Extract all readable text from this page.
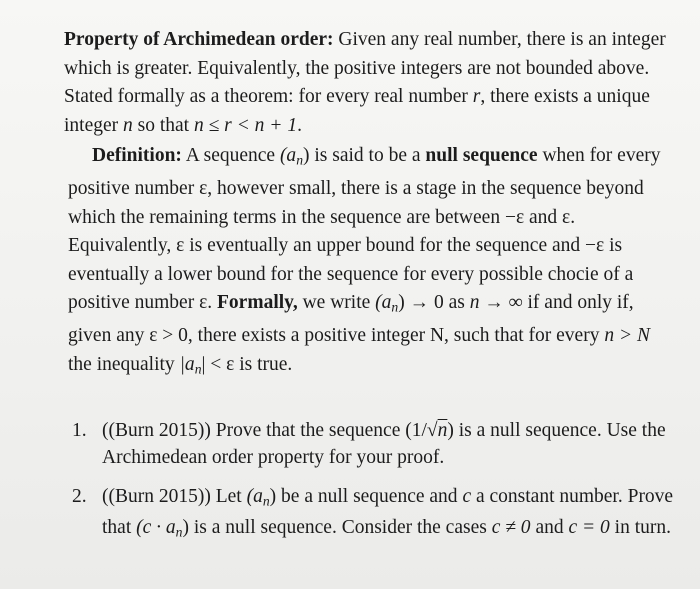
Property of Archimedean order: Given any real number, there is an integer which is greater. Equivalently, the positive integers are not bounded above. Stated formally as a theorem: for every real number r, there exists a unique integer n so that n ≤ r < n + 1.

Definition: A sequence $(a_n)$ is said to be a null sequence when for every positive number ε, however small, there is a stage in the sequence beyond which the remaining terms in the sequence are between −ε and ε. Equivalently, ε is eventually an upper bound for the sequence and −ε is eventually a lower bound for the sequence for every possible chocie of a positive number ε. Formally, we write $(a_n) \to 0$ as n → ∞ if and only if, given any ε > 0, there exists a positive integer N, such that for every n > N the inequality $|a_n| < \varepsilon$ is true.

1. ((Burn 2015)) Prove that the sequence (1/√n) is a null sequence. Use the Archimedean order property for your proof.
2. ((Burn 2015)) Let $(a_n)$ be a null sequence and c a constant number. Prove that $(c \cdot a_n)$ is a null sequence. Consider the cases c ≠ 0 and c = 0 in turn.
